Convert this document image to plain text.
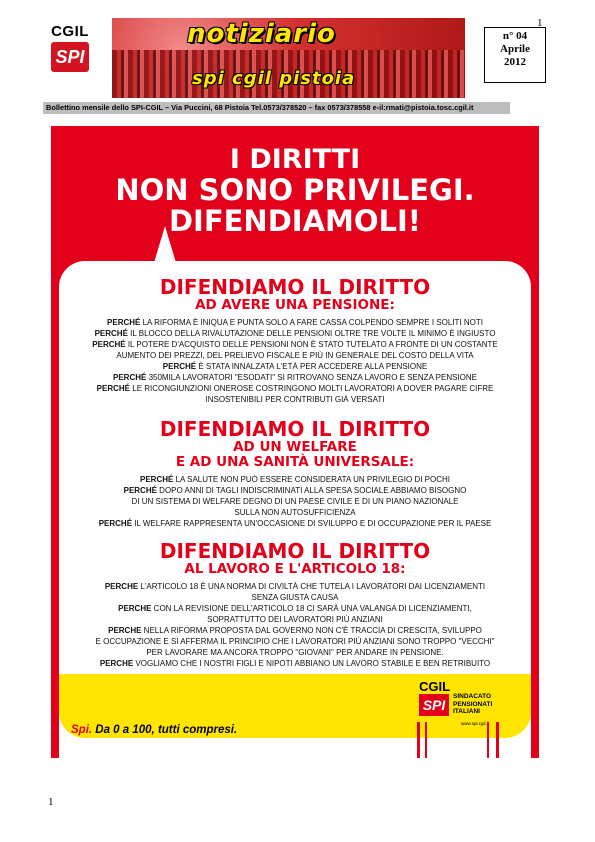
1
CGIL
SPI
notiziario
spi cgil pistoia
n° 04
Aprile
2012
Bollettino mensile dello SPI-CGIL – Via Puccini, 68 Pistoia Tel.0573/378520 – fax 0573/378558 e-il:rmati@pistoia.tosc.cgil.it
I DIRITTI
NON SONO PRIVILEGI.
DIFENDIAMOLI!
DIFENDIAMO IL DIRITTO
AD AVERE UNA PENSIONE:
PERCHÉ LA RIFORMA È INIQUA E PUNTA SOLO A FARE CASSA COLPENDO SEMPRE I SOLITI NOTI
PERCHÉ IL BLOCCO DELLA RIVALUTAZIONE DELLE PENSIONI OLTRE TRE VOLTE IL MINIMO È INGIUSTO
PERCHÉ IL POTERE D'ACQUISTO DELLE PENSIONI NON È STATO TUTELATO A FRONTE DI UN COSTANTE
AUMENTO DEI PREZZI, DEL PRELIEVO FISCALE E PIÙ IN GENERALE DEL COSTO DELLA VITA
PERCHÉ È STATA INNALZATA L'ETÀ PER ACCEDERE ALLA PENSIONE
PERCHÉ 350MILA LAVORATORI "ESODATI" SI RITROVANO SENZA LAVORO E SENZA PENSIONE
PERCHÉ LE RICONGIUNZIONI ONEROSE COSTRINGONO MOLTI LAVORATORI A DOVER PAGARE CIFRE
INSOSTENIBILI PER CONTRIBUTI GIÀ VERSATI
DIFENDIAMO IL DIRITTO
AD UN WELFARE
E AD UNA SANITÀ UNIVERSALE:
PERCHÉ LA SALUTE NON PUÒ ESSERE CONSIDERATA UN PRIVILEGIO DI POCHI
PERCHÉ DOPO ANNI DI TAGLI INDISCRIMINATI ALLA SPESA SOCIALE ABBIAMO BISOGNO
DI UN SISTEMA DI WELFARE DEGNO DI UN PAESE CIVILE E DI UN PIANO NAZIONALE
SULLA NON AUTOSUFFICIENZA
PERCHÉ IL WELFARE RAPPRESENTA UN'OCCASIONE DI SVILUPPO E DI OCCUPAZIONE PER IL PAESE
DIFENDIAMO IL DIRITTO
AL LAVORO E L'ARTICOLO 18:
PERCHE L'ARTICOLO 18 È UNA NORMA DI CIVILTÀ CHE TUTELA I LAVORATORI DAI LICENZIAMENTI
SENZA GIUSTA CAUSA
PERCHE CON LA REVISIONE DELL'ARTICOLO 18 CI SARÀ UNA VALANGA DI LICENZIAMENTI,
SOPRATTUTTO DEI LAVORATORI PIÙ ANZIANI
PERCHE NELLA RIFORMA PROPOSTA DAL GOVERNO NON C'È TRACCIA DI CRESCITA, SVILUPPO
E OCCUPAZIONE E SI AFFERMA IL PRINCIPIO CHE I LAVORATORI PIÙ ANZIANI SONO TROPPO "VECCHI"
PER LAVORARE MA ANCORA TROPPO "GIOVANI" PER ANDARE IN PENSIONE.
PERCHE VOGLIAMO CHE I NOSTRI FIGLI E NIPOTI ABBIANO UN LAVORO STABILE E BEN RETRIBUITO
Spi. Da 0 a 100, tutti compresi.
CGIL
SPI
SINDACATO
PENSIONATI
ITALIANI
www.spi.cgil.it
1
